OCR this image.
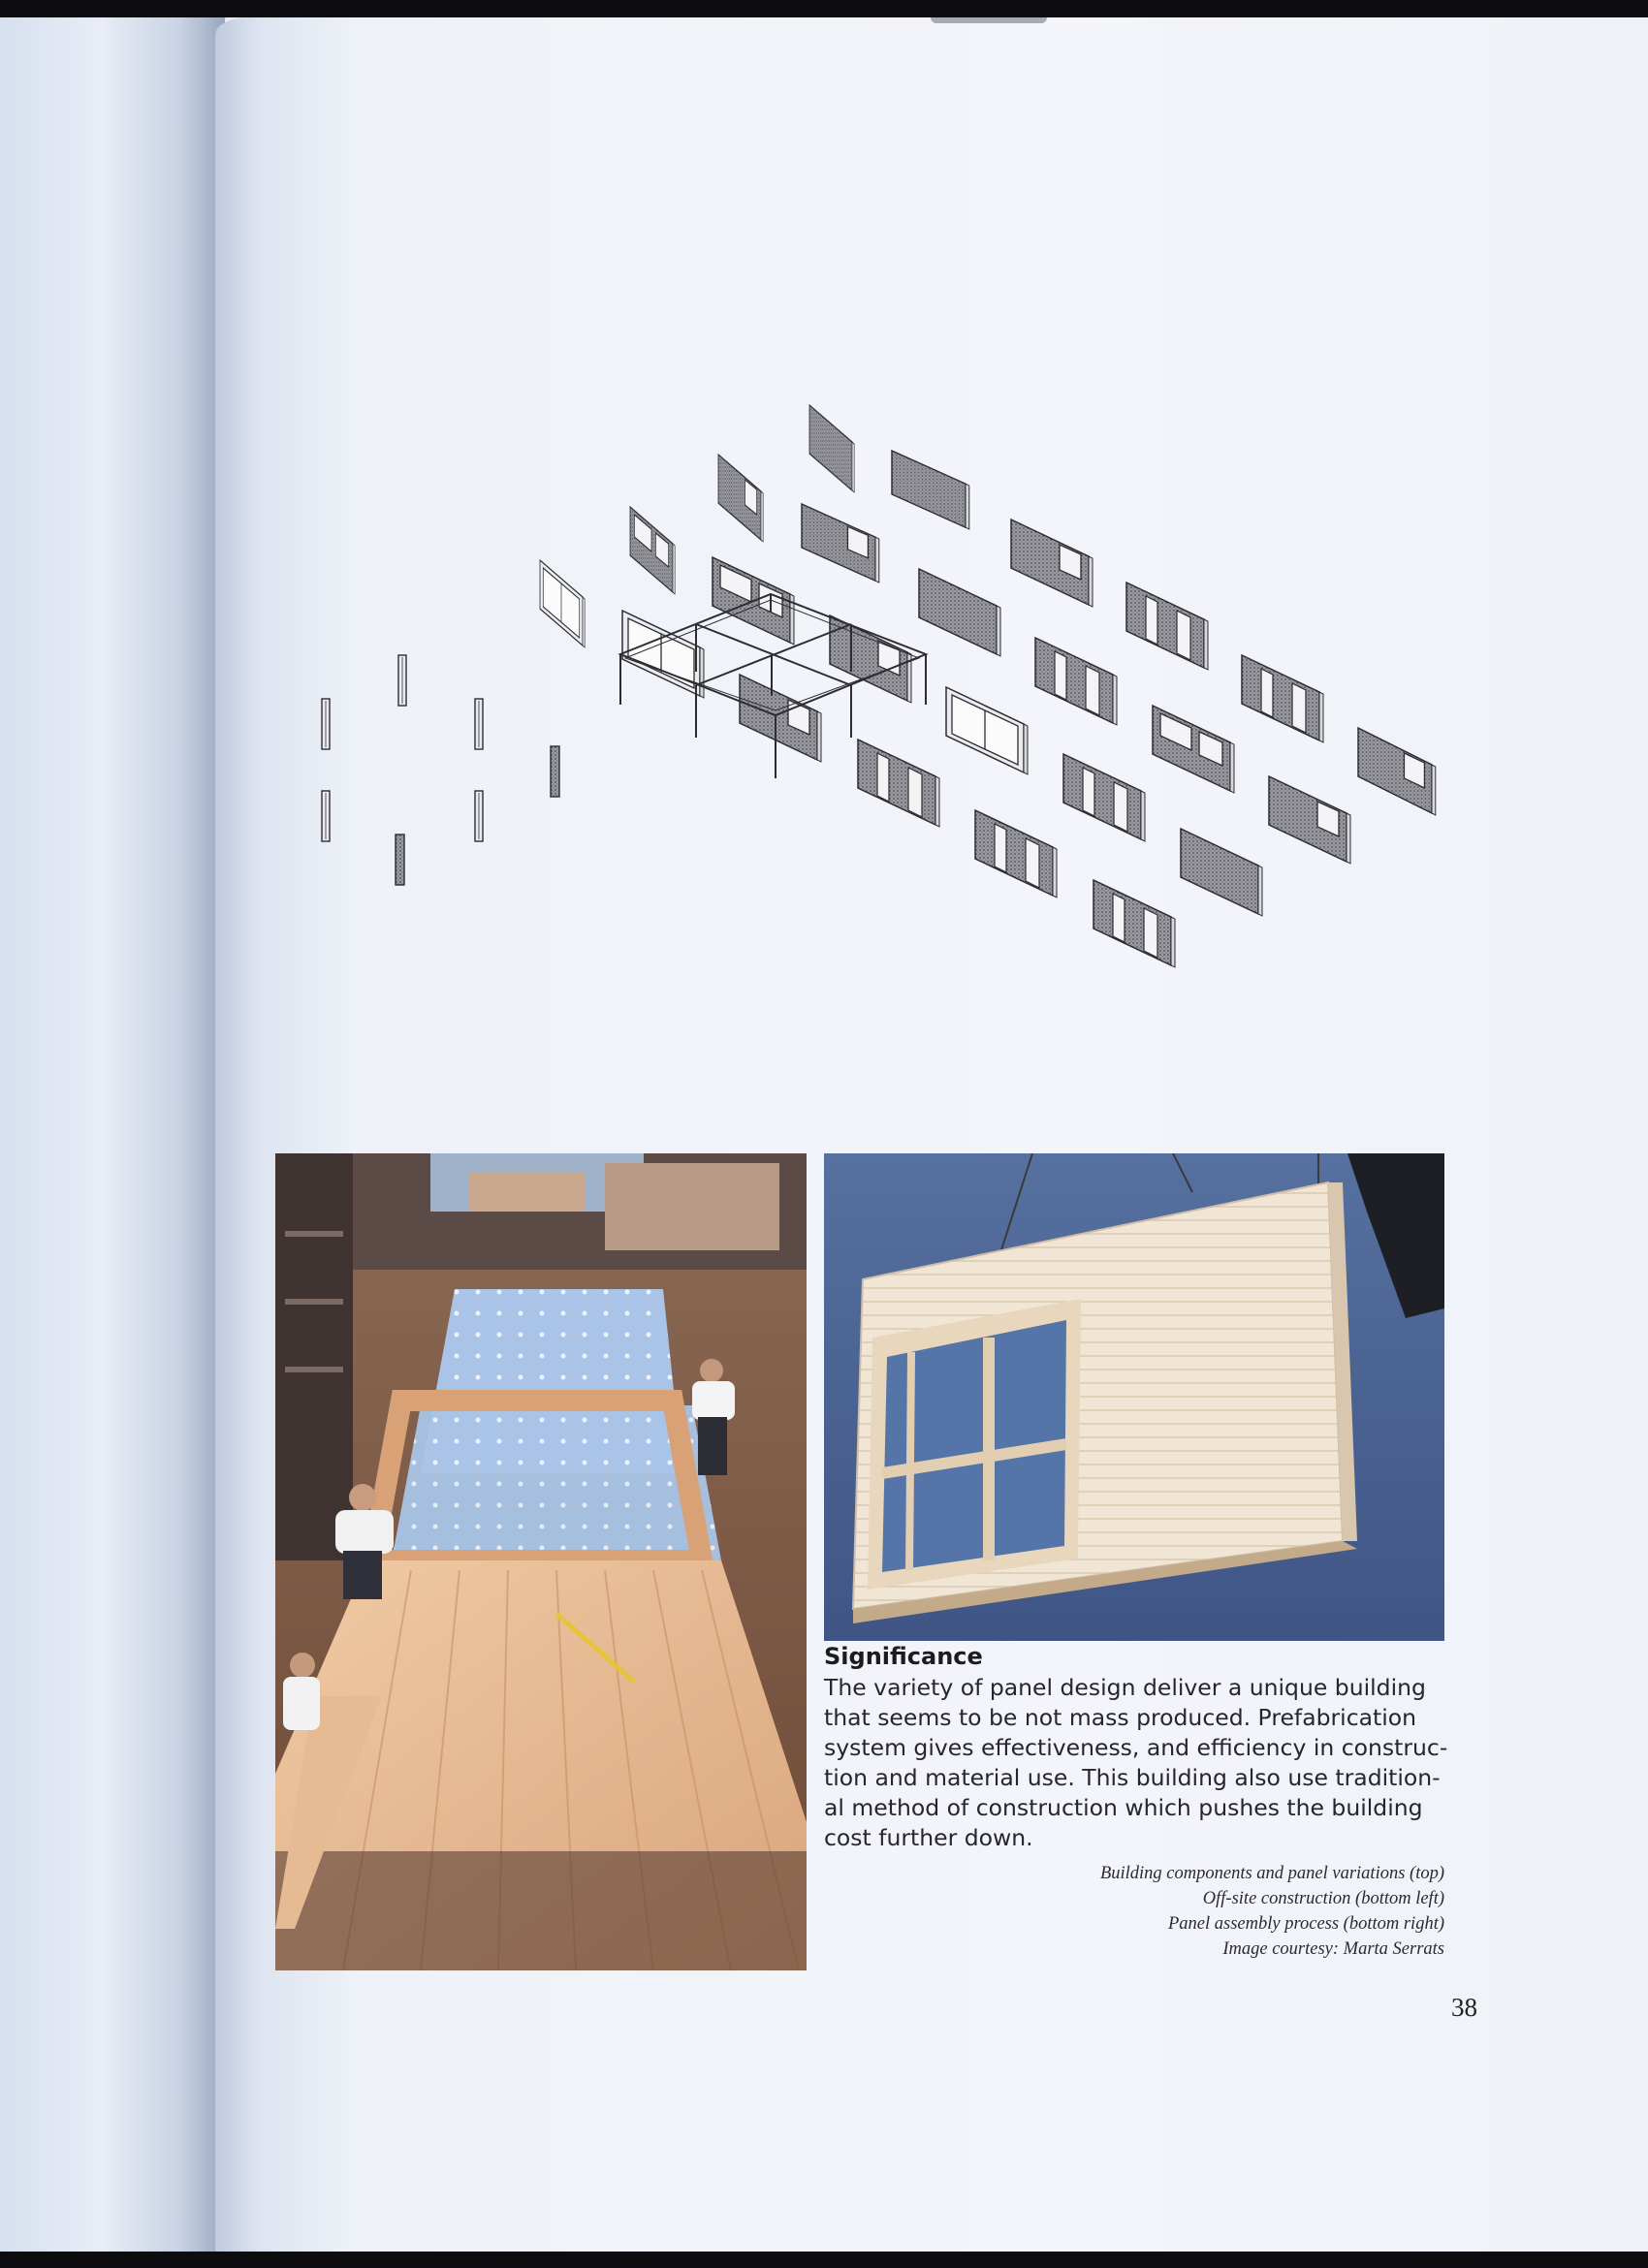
Significance

The variety of panel design deliver a unique building

that seems to be not mass produced. Prefabrication

system gives effectiveness, and efficiency in construc-

tion and material use. This building also use tradition-

al method of construction which pushes the building

cost further down.

Building components and panel variations (top)
Off-site construction (bottom left)
Panel assembly process (bottom right)
Image courtesy: Marta Serrats
38
